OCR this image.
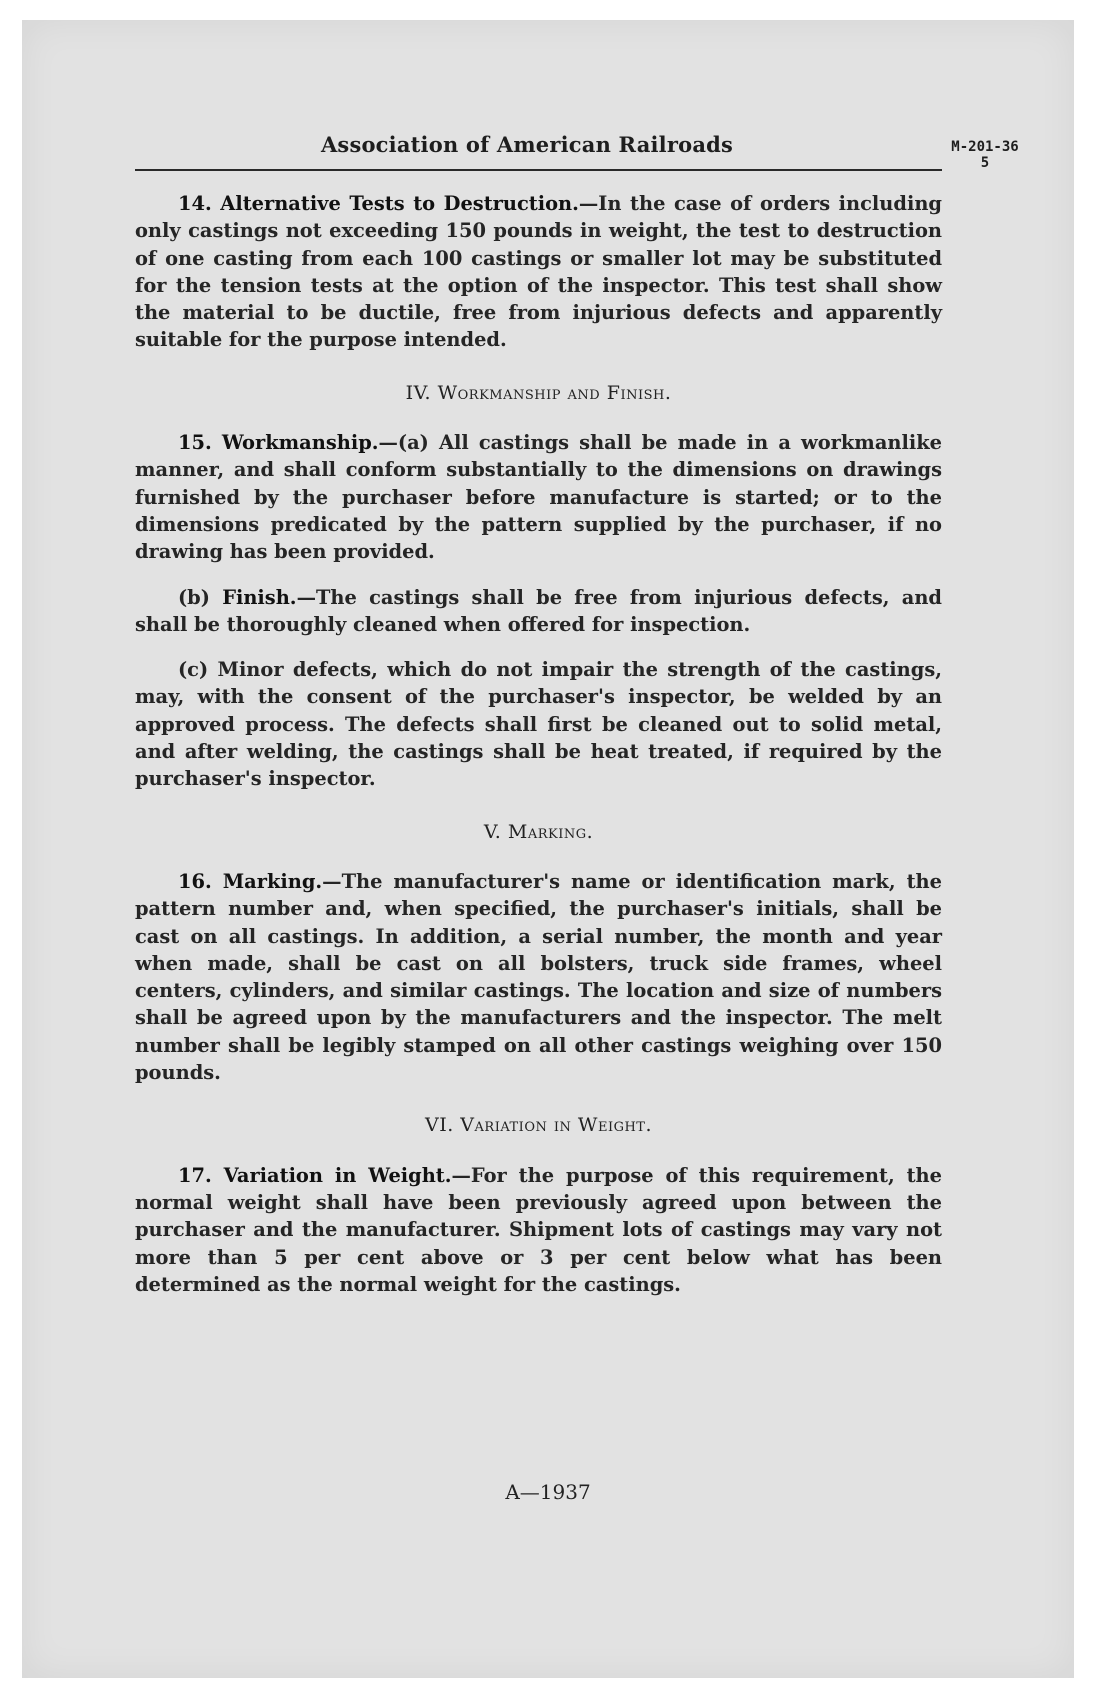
Association of American Railroads	M-201-36
5

14. Alternative Tests to Destruction.—In the case of orders including only castings not exceeding 150 pounds in weight, the test to destruction of one casting from each 100 castings or smaller lot may be substituted for the tension tests at the option of the inspector. This test shall show the material to be ductile, free from injurious defects and apparently suitable for the purpose intended.

IV. Workmanship and Finish.

15. Workmanship.—(a) All castings shall be made in a workmanlike manner, and shall conform substantially to the dimensions on drawings furnished by the purchaser before manufacture is started; or to the dimensions predicated by the pattern supplied by the purchaser, if no drawing has been provided.

(b) Finish.—The castings shall be free from injurious defects, and shall be thoroughly cleaned when offered for inspection.

(c) Minor defects, which do not impair the strength of the castings, may, with the consent of the purchaser's inspector, be welded by an approved process. The defects shall first be cleaned out to solid metal, and after welding, the castings shall be heat treated, if required by the purchaser's inspector.

V. Marking.

16. Marking.—The manufacturer's name or identification mark, the pattern number and, when specified, the purchaser's initials, shall be cast on all castings. In addition, a serial number, the month and year when made, shall be cast on all bolsters, truck side frames, wheel centers, cylinders, and similar castings. The location and size of numbers shall be agreed upon by the manufacturers and the inspector. The melt number shall be legibly stamped on all other castings weighing over 150 pounds.

VI. Variation in Weight.

17. Variation in Weight.—For the purpose of this requirement, the normal weight shall have been previously agreed upon between the purchaser and the manufacturer. Shipment lots of castings may vary not more than 5 per cent above or 3 per cent below what has been determined as the normal weight for the castings.

A—1937
